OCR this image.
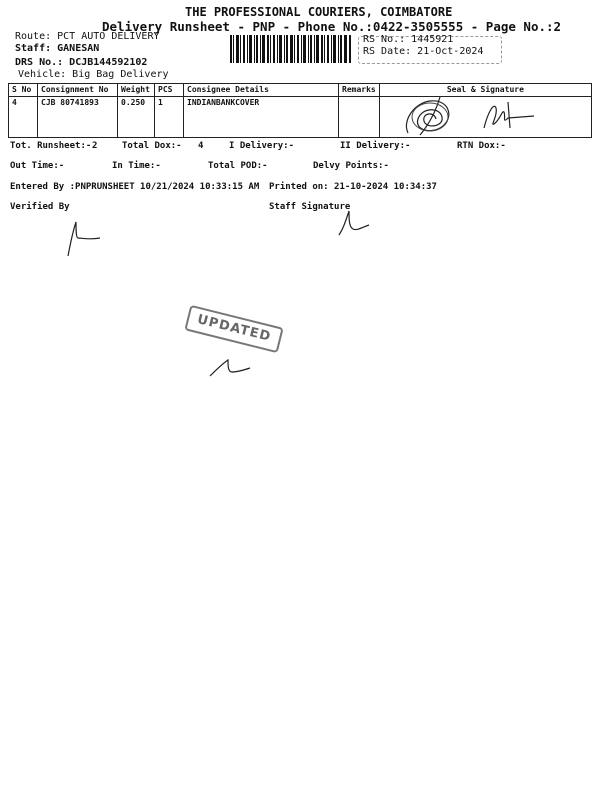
THE PROFESSIONAL COURIERS, COIMBATORE
Delivery Runsheet - PNP - Phone No.:0422-3505555 - Page No.:2
Route: PCT AUTO DELIVERY
Staff: GANESAN
DRS No.: DCJB144592102
Vehicle: Big Bag Delivery
RS No.: 1445921
RS Date: 21-Oct-2024
S No	Consignment No	Weight	PCS	Consignee Details	Remarks	Seal & Signature
4	CJB 80741893	0.250	1	INDIANBANKCOVER		
Tot. Runsheet:- 2	Total Dox:- 4	I Delivery:-	II Delivery:-	RTN Dox:-
Out Time:-	In Time:-	Total POD:-	Delvy Points:-
Entered By :PNPRUNSHEET 10/21/2024 10:33:15 AM Printed on: 21-10-2024 10:34:37
Verified By	Staff Signature
UPDATED
